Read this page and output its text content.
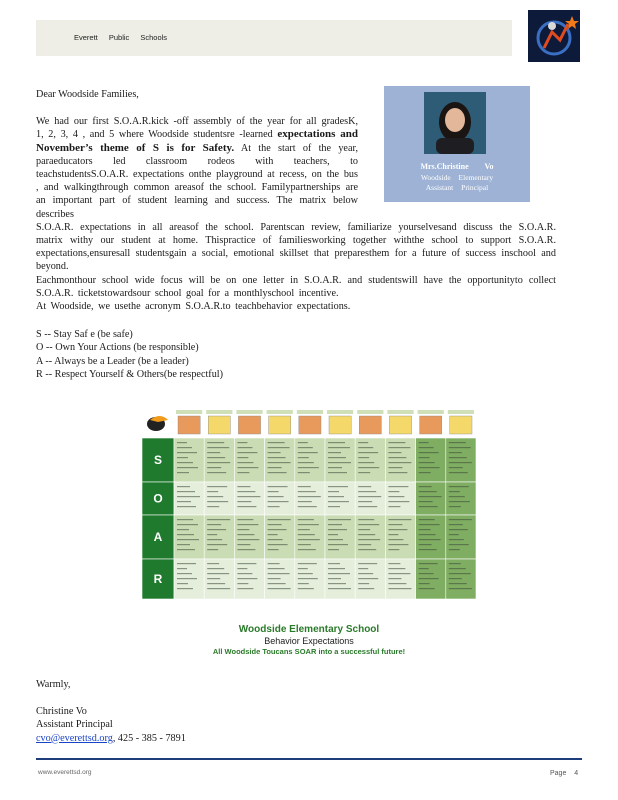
Everett Public Schools
Mrs.Christine Vo
Woodside Elementary
Assistant Principal

Dear Woodside Families,

We had our first S.O.A.R.kick -off assembly of the year for all gradesK, 1, 2, 3, 4 , and 5 where Woodside studentsre -learned expectations and November’s theme of S is for Safety. At the start of the year, paraeducators led classroom rodeos with teachers, to teachstudentsS.O.A.R. expectations onthe playground at recess, on the bus , and walkingthrough common areasof the school. Familypartnerships are an important part of student learning and success. The matrix below describes

S.O.A.R. expectations in all areasof the school. Parentscan review, familiarize yourselvesand discuss the S.O.A.R. matrix withy our student at home. Thispractice of familiesworking together withthe school to support S.O.A.R. expectations,ensuresall studentsgain a social, emotional skillset that preparesthem for a future of success inschool and beyond.

Eachmonthour school wide focus will be on one letter in S.O.A.R. and studentswill have the opportunityto collect S.O.A.R. ticketstowardsour school goal for a monthlyschool incentive.

At Woodside, we usethe acronym S.O.A.R.to teachbehavior expectations.

S -- Stay Saf e (be safe)
O -- Own Your Actions (be responsible)
A -- Always be a Leader (be a leader)
R -- Respect Yourself & Others(be respectful)
S
O
A
R
Woodside Elementary School
Behavior Expectations
All Woodside Toucans SOAR into a successful future!
Warmly,
Christine Vo
Assistant Principal
cvo@everettsd.org, 425 - 385 - 7891
www.everettsd.org	Page 4
